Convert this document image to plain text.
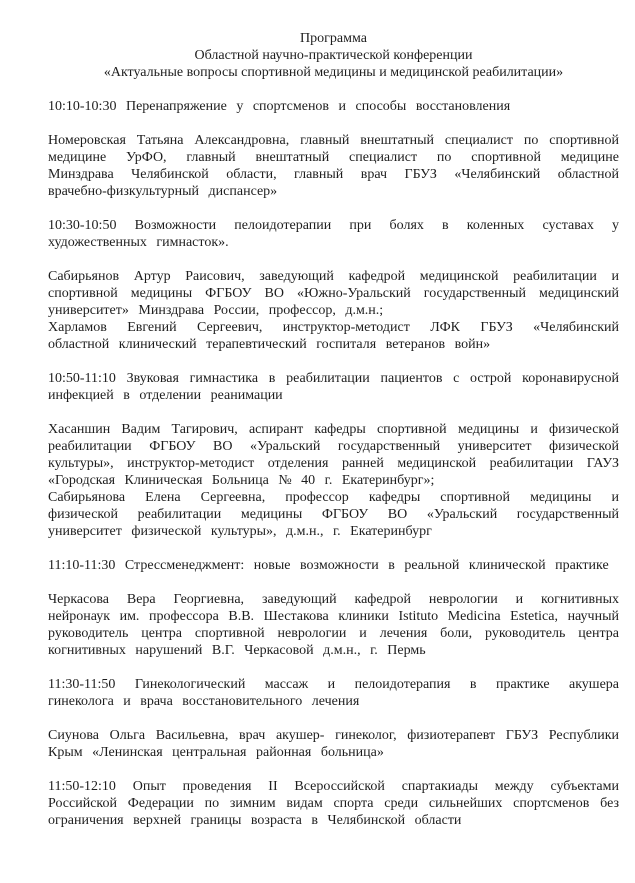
Программа

Областной научно-практической конференции

«Актуальные вопросы спортивной медицины и медицинской реабилитации»

10:10-10:30 Перенапряжение у спортсменов и способы восстановления

Номеровская Татьяна Александровна, главный внештатный специалист по спортивной медицине УрФО, главный внештатный специалист по спортивной медицине Минздрава Челябинской области, главный врач ГБУЗ «Челябинский областной врачебно-физкультурный диспансер»

10:30-10:50 Возможности пелоидотерапии при болях в коленных суставах у художественных гимнасток».

Сабирьянов Артур Раисович, заведующий кафедрой медицинской реабилитации и спортивной медицины ФГБОУ ВО «Южно-Уральский государственный медицинский университет» Минздрава России, профессор, д.м.н.;

Харламов Евгений Сергеевич, инструктор-методист ЛФК ГБУЗ «Челябинский областной клинический терапевтический госпиталя ветеранов войн»

10:50-11:10 Звуковая гимнастика в реабилитации пациентов с острой коронавирусной инфекцией в отделении реанимации

Хасаншин Вадим Тагирович, аспирант кафедры спортивной медицины и физической реабилитации ФГБОУ ВО «Уральский государственный университет физической культуры», инструктор-методист отделения ранней медицинской реабилитации ГАУЗ «Городская Клиническая Больница № 40 г. Екатеринбург»;

Сабирьянова Елена Сергеевна, профессор кафедры спортивной медицины и физической реабилитации медицины ФГБОУ ВО «Уральский государственный университет физической культуры», д.м.н., г. Екатеринбург

11:10-11:30 Стрессменеджмент: новые возможности в реальной клинической практике

Черкасова Вера Георгиевна, заведующий кафедрой неврологии и когнитивных нейронаук им. профессора В.В. Шестакова клиники Istituto Medicina Estetica, научный руководитель центра спортивной неврологии и лечения боли, руководитель центра когнитивных нарушений В.Г. Черкасовой д.м.н., г. Пермь

11:30-11:50 Гинекологический массаж и пелоидотерапия в практике акушера гинеколога и врача восстановительного лечения

Сиунова Ольга Васильевна, врач акушер- гинеколог, физиотерапевт ГБУЗ Республики Крым «Ленинская центральная районная больница»

11:50-12:10 Опыт проведения II Всероссийской спартакиады между субъектами Российской Федерации по зимним видам спорта среди сильнейших спортсменов без ограничения верхней границы возраста в Челябинской области
